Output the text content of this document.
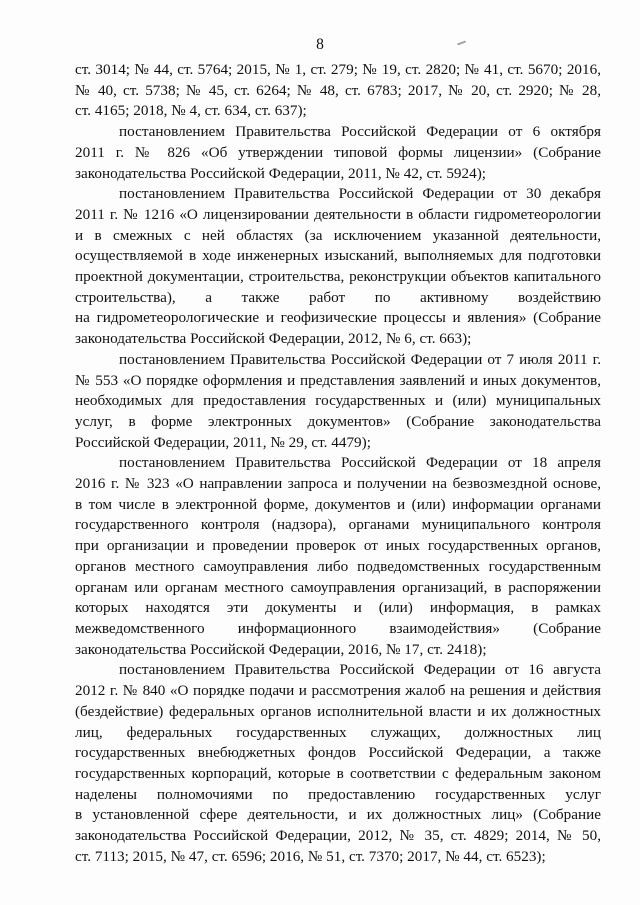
8
ст. 3014; № 44, ст. 5764; 2015, № 1, ст. 279; № 19, ст. 2820; № 41, ст. 5670; 2016,
№ 40, ст. 5738; № 45, ст. 6264; № 48, ст. 6783; 2017, № 20, ст. 2920; № 28,
ст. 4165; 2018, № 4, ст. 634, ст. 637);
постановлением Правительства Российской Федерации от 6 октября
2011 г. № 826 «Об утверждении типовой формы лицензии» (Собрание
законодательства Российской Федерации, 2011, № 42, ст. 5924);
постановлением Правительства Российской Федерации от 30 декабря
2011 г. № 1216 «О лицензировании деятельности в области гидрометеорологии
и в смежных с ней областях (за исключением указанной деятельности,
осуществляемой в ходе инженерных изысканий, выполняемых для подготовки
проектной документации, строительства, реконструкции объектов капитального
строительства), а также работ по активному воздействию
на гидрометеорологические и геофизические процессы и явления» (Собрание
законодательства Российской Федерации, 2012, № 6, ст. 663);
постановлением Правительства Российской Федерации от 7 июля 2011 г.
№ 553 «О порядке оформления и представления заявлений и иных документов,
необходимых для предоставления государственных и (или) муниципальных
услуг, в форме электронных документов» (Собрание законодательства
Российской Федерации, 2011, № 29, ст. 4479);
постановлением Правительства Российской Федерации от 18 апреля
2016 г. № 323 «О направлении запроса и получении на безвозмездной основе,
в том числе в электронной форме, документов и (или) информации органами
государственного контроля (надзора), органами муниципального контроля
при организации и проведении проверок от иных государственных органов,
органов местного самоуправления либо подведомственных государственным
органам или органам местного самоуправления организаций, в распоряжении
которых находятся эти документы и (или) информация, в рамках
межведомственного информационного взаимодействия» (Собрание
законодательства Российской Федерации, 2016, № 17, ст. 2418);
постановлением Правительства Российской Федерации от 16 августа
2012 г. № 840 «О порядке подачи и рассмотрения жалоб на решения и действия
(бездействие) федеральных органов исполнительной власти и их должностных
лиц, федеральных государственных служащих, должностных лиц
государственных внебюджетных фондов Российской Федерации, а также
государственных корпораций, которые в соответствии с федеральным законом
наделены полномочиями по предоставлению государственных услуг
в установленной сфере деятельности, и их должностных лиц» (Собрание
законодательства Российской Федерации, 2012, № 35, ст. 4829; 2014, № 50,
ст. 7113; 2015, № 47, ст. 6596; 2016, № 51, ст. 7370; 2017, № 44, ст. 6523);
